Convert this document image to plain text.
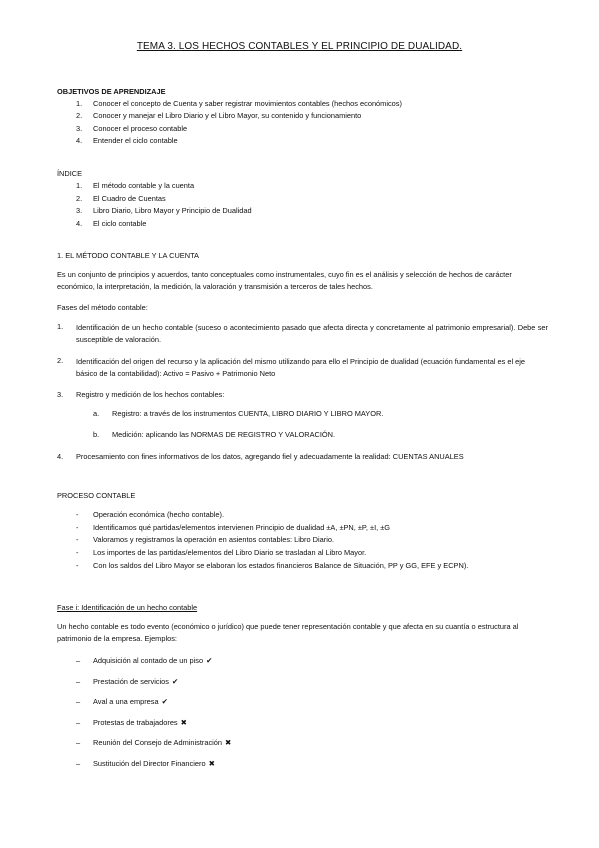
TEMA 3. LOS HECHOS CONTABLES Y EL PRINCIPIO DE DUALIDAD.
OBJETIVOS DE APRENDIZAJE
1. Conocer el concepto de Cuenta y saber registrar movimientos contables (hechos económicos)
2. Conocer y manejar el Libro Diario y el Libro Mayor, su contenido y funcionamiento
3. Conocer el proceso contable
4. Entender el ciclo contable
ÍNDICE
1. El método contable y la cuenta
2. El Cuadro de Cuentas
3. Libro Diario, Libro Mayor y Principio de Dualidad
4. El ciclo contable
1. EL MÉTODO CONTABLE Y LA CUENTA
Es un conjunto de principios y acuerdos, tanto conceptuales como instrumentales, cuyo fin es el análisis y selección de hechos de carácter económico, la interpretación, la medición, la valoración y transmisión a terceros de tales hechos.
Fases del método contable:
1. Identificación de un hecho contable (suceso o acontecimiento pasado que afecta directa y concretamente al patrimonio empresarial). Debe ser susceptible de valoración.
2. Identificación del origen del recurso y la aplicación del mismo utilizando para ello el Principio de dualidad (ecuación fundamental es el eje básico de la contabilidad): Activo = Pasivo + Patrimonio Neto
3. Registro y medición de los hechos contables:
a. Registro: a través de los instrumentos CUENTA, LIBRO DIARIO Y LIBRO MAYOR.
b. Medición: aplicando las NORMAS DE REGISTRO Y VALORACIÓN.
4. Procesamiento con fines informativos de los datos, agregando fiel y adecuadamente la realidad: CUENTAS ANUALES
PROCESO CONTABLE
- Operación económica (hecho contable).
- Identificamos qué partidas/elementos intervienen Principio de dualidad ±A, ±PN, ±P, ±I, ±G
- Valoramos y registramos la operación en asientos contables: Libro Diario.
- Los importes de las partidas/elementos del Libro Diario se trasladan al Libro Mayor.
- Con los saldos del Libro Mayor se elaboran los estados financieros Balance de Situación, PP y GG, EFE y ECPN).
Fase i: Identificación de un hecho contable
Un hecho contable es todo evento (económico o jurídico) que puede tener representación contable y que afecta en su cuantía o estructura al patrimonio de la empresa. Ejemplos:
– Adquisición al contado de un piso ✔
– Prestación de servicios ✔
– Aval a una empresa ✔
– Protestas de trabajadores ✖
– Reunión del Consejo de Administración ✖
– Sustitución del Director Financiero ✖
